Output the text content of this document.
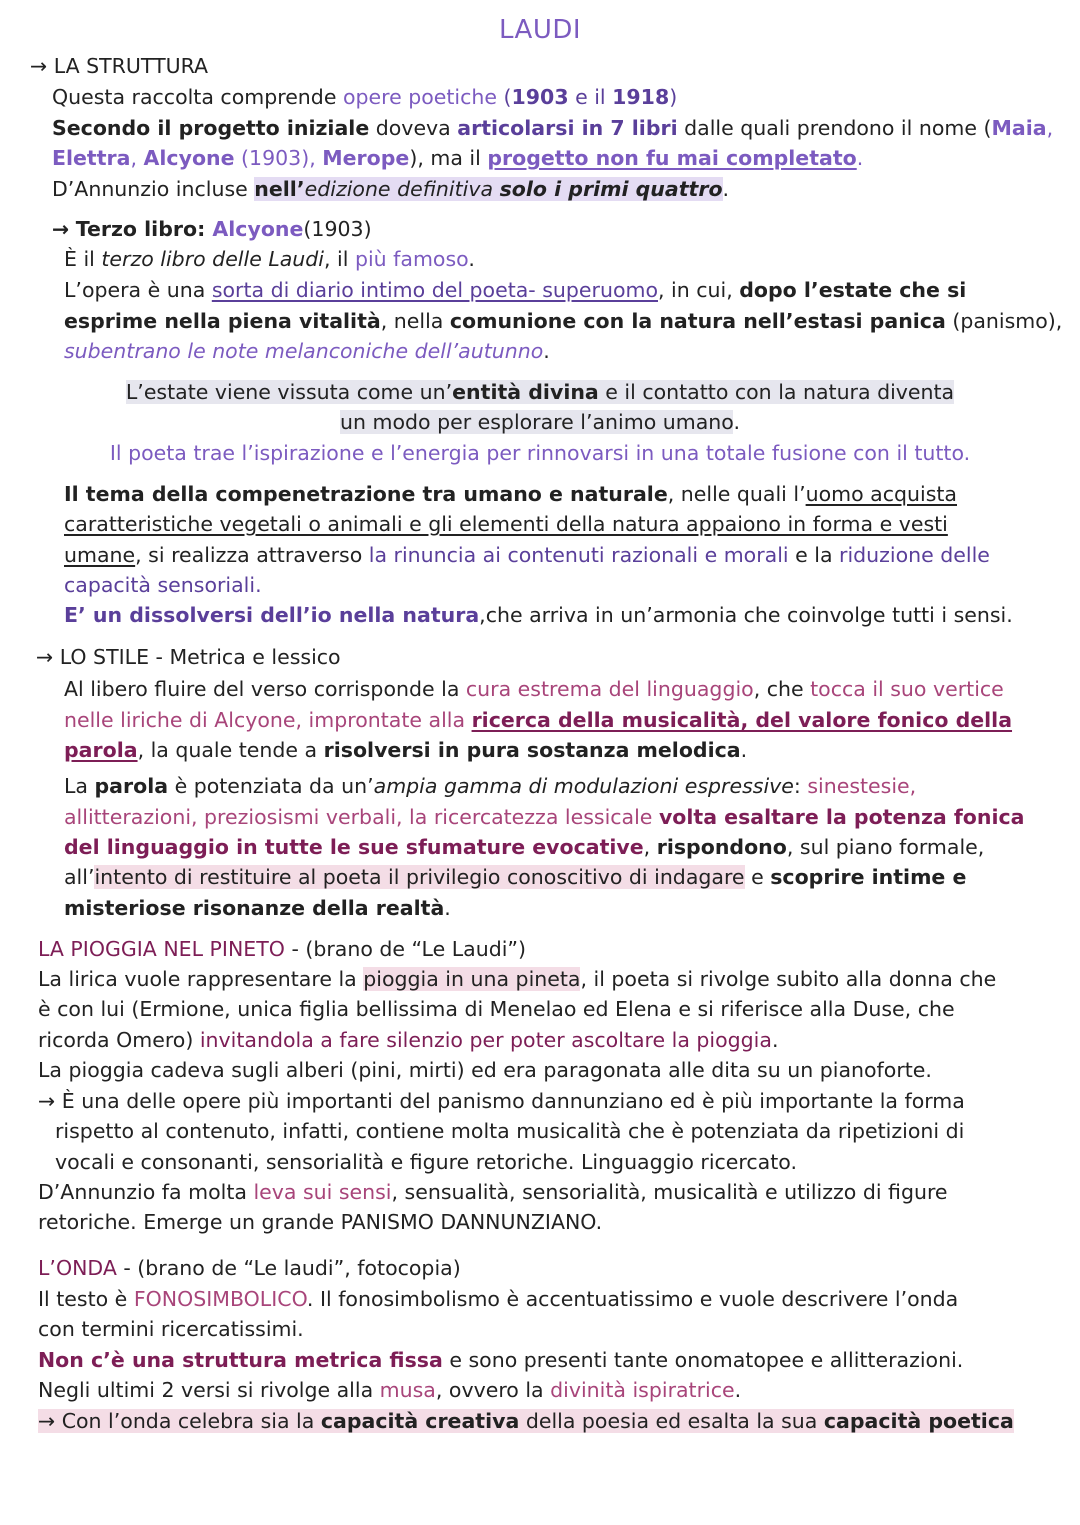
LAUDI
→ LA STRUTTURA
Questa raccolta comprende opere poetiche (1903 e il 1918)
Secondo il progetto iniziale doveva articolarsi in 7 libri dalle quali prendono il nome (Maia,
Elettra, Alcyone (1903), Merope), ma il progetto non fu mai completato.
D’Annunzio incluse nell’edizione definitiva solo i primi quattro.
→ Terzo libro: Alcyone(1903)
È il terzo libro delle Laudi, il più famoso.
L’opera è una sorta di diario intimo del poeta- superuomo, in cui, dopo l’estate che si
esprime nella piena vitalità, nella comunione con la natura nell’estasi panica (panismo),
subentrano le note melanconiche dell’autunno.
L’estate viene vissuta come un’entità divina e il contatto con la natura diventa
un modo per esplorare l’animo umano.
Il poeta trae l’ispirazione e l’energia per rinnovarsi in una totale fusione con il tutto.
Il tema della compenetrazione tra umano e naturale, nelle quali l’uomo acquista
caratteristiche vegetali o animali e gli elementi della natura appaiono in forma e vesti
umane, si realizza attraverso la rinuncia ai contenuti razionali e morali e la riduzione delle
capacità sensoriali.
E’ un dissolversi dell’io nella natura,che arriva in un’armonia che coinvolge tutti i sensi.
→ LO STILE - Metrica e lessico
Al libero fluire del verso corrisponde la cura estrema del linguaggio, che tocca il suo vertice
nelle liriche di Alcyone, improntate alla ricerca della musicalità, del valore fonico della
parola, la quale tende a risolversi in pura sostanza melodica.
La parola è potenziata da un’ampia gamma di modulazioni espressive: sinestesie,
allitterazioni, preziosismi verbali, la ricercatezza lessicale volta esaltare la potenza fonica
del linguaggio in tutte le sue sfumature evocative, rispondono, sul piano formale,
all’intento di restituire al poeta il privilegio conoscitivo di indagare e scoprire intime e
misteriose risonanze della realtà.
LA PIOGGIA NEL PINETO - (brano de “Le Laudi”)
La lirica vuole rappresentare la pioggia in una pineta, il poeta si rivolge subito alla donna che
è con lui (Ermione, unica figlia bellissima di Menelao ed Elena e si riferisce alla Duse, che
ricorda Omero) invitandola a fare silenzio per poter ascoltare la pioggia.
La pioggia cadeva sugli alberi (pini, mirti) ed era paragonata alle dita su un pianoforte.
→ È una delle opere più importanti del panismo dannunziano ed è più importante la forma
rispetto al contenuto, infatti, contiene molta musicalità che è potenziata da ripetizioni di
vocali e consonanti, sensorialità e figure retoriche. Linguaggio ricercato.
D’Annunzio fa molta leva sui sensi, sensualità, sensorialità, musicalità e utilizzo di figure
retoriche. Emerge un grande PANISMO DANNUNZIANO.
L’ONDA - (brano de “Le laudi”, fotocopia)
Il testo è FONOSIMBOLICO. Il fonosimbolismo è accentuatissimo e vuole descrivere l’onda
con termini ricercatissimi.
Non c’è una struttura metrica fissa e sono presenti tante onomatopee e allitterazioni.
Negli ultimi 2 versi si rivolge alla musa, ovvero la divinità ispiratrice.
→ Con l’onda celebra sia la capacità creativa della poesia ed esalta la sua capacità poetica
